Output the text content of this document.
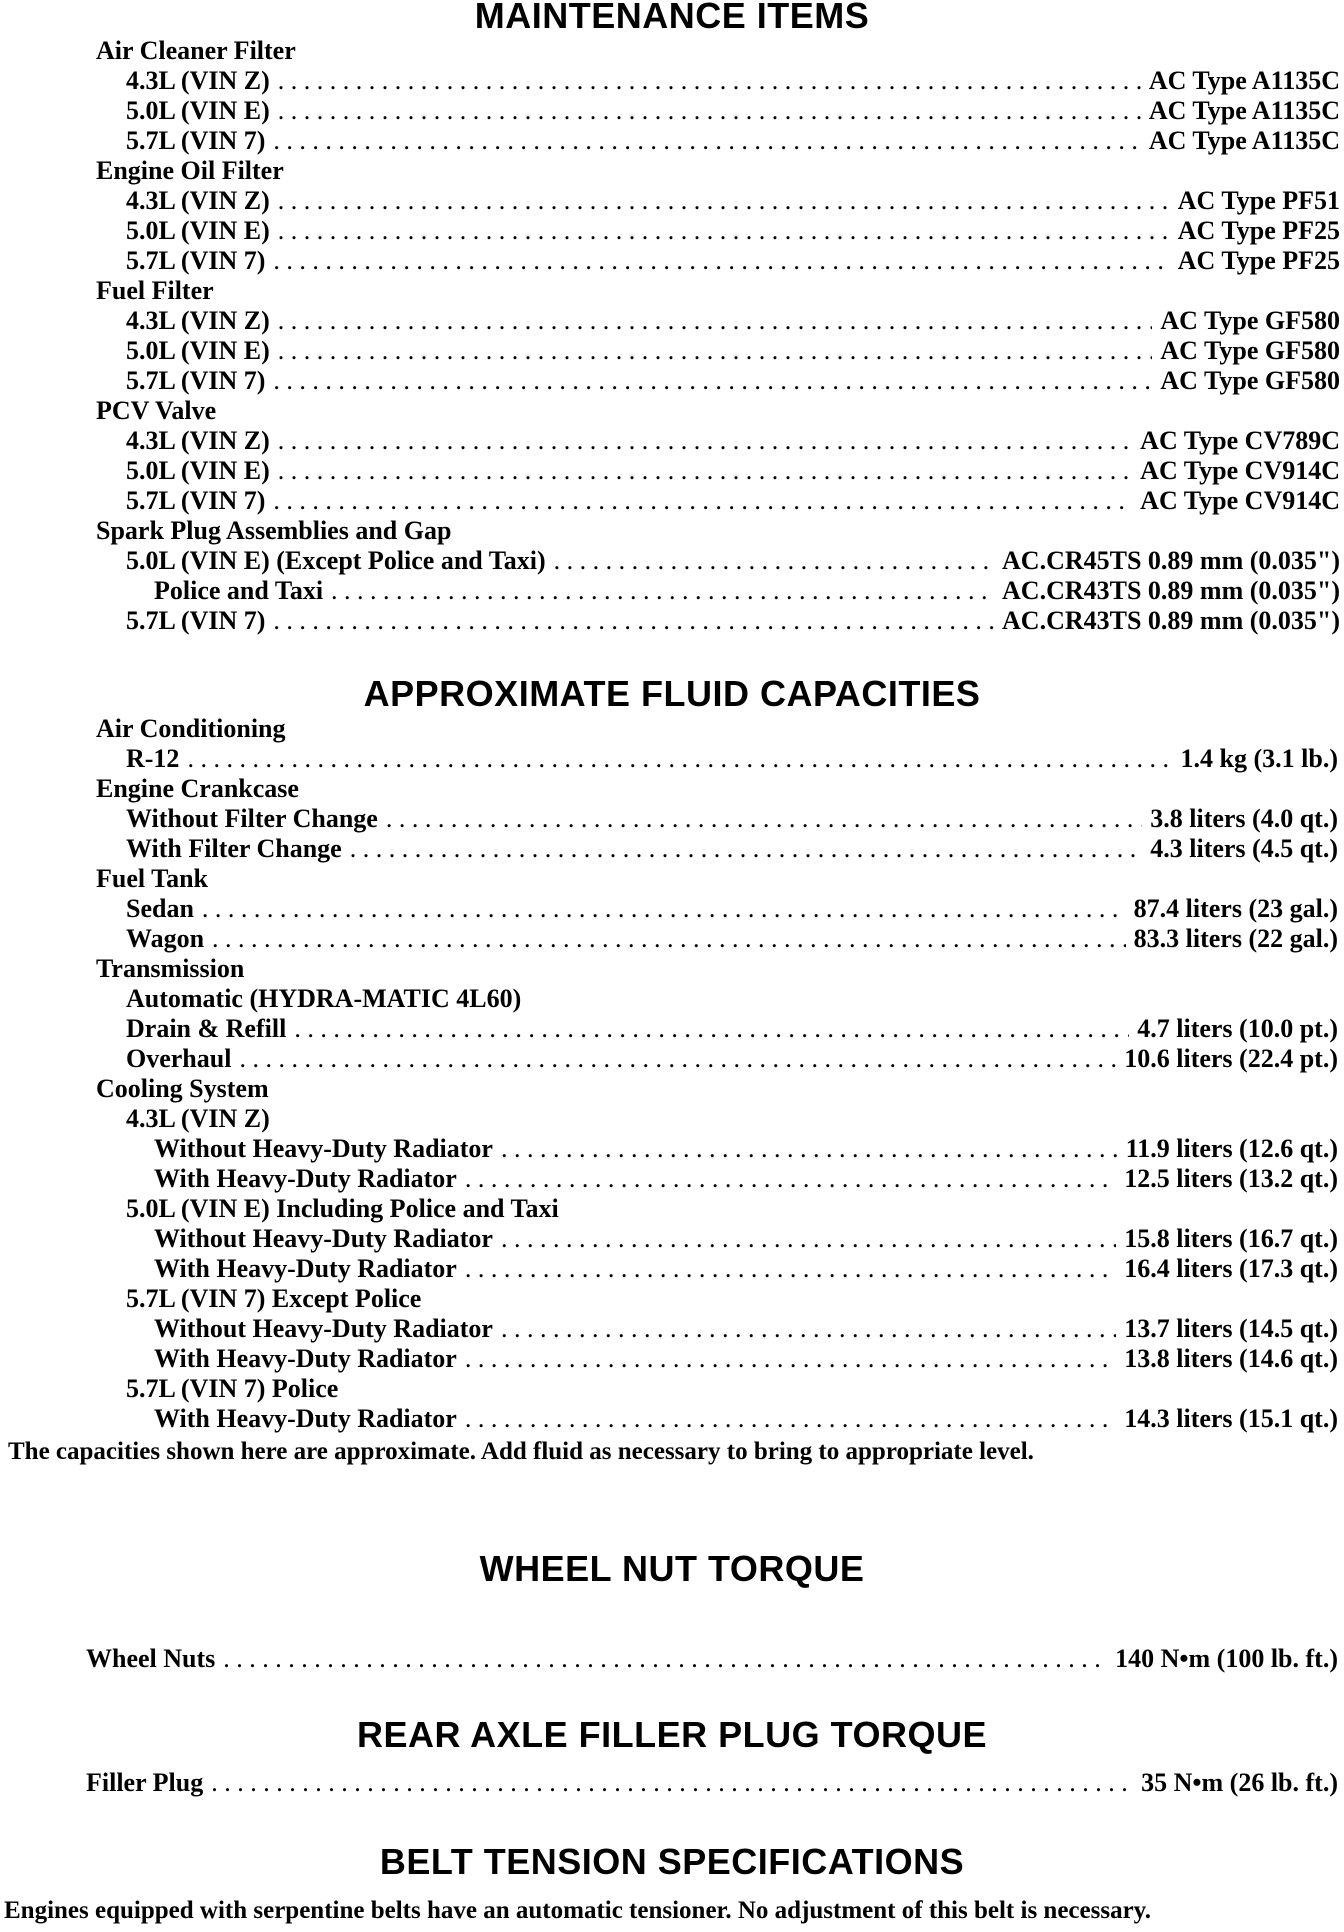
MAINTENANCE ITEMS
Air Cleaner Filter
4.3L (VIN Z) . . .	AC Type A1135C
5.0L (VIN E) . . .	AC Type A1135C
5.7L (VIN 7) . . .	AC Type A1135C
Engine Oil Filter
4.3L (VIN Z) . . .	AC Type PF51
5.0L (VIN E) . . .	AC Type PF25
5.7L (VIN 7) . . .	AC Type PF25
Fuel Filter
4.3L (VIN Z) . . .	AC Type GF580
5.0L (VIN E) . . .	AC Type GF580
5.7L (VIN 7) . . .	AC Type GF580
PCV Valve
4.3L (VIN Z) . . .	AC Type CV789C
5.0L (VIN E) . . .	AC Type CV914C
5.7L (VIN 7) . . .	AC Type CV914C
Spark Plug Assemblies and Gap
5.0L (VIN E) (Except Police and Taxi) . . .	AC.CR45TS 0.89 mm (0.035")
Police and Taxi . . .	AC.CR43TS 0.89 mm (0.035")
5.7L (VIN 7) . . .	AC.CR43TS 0.89 mm (0.035")
APPROXIMATE FLUID CAPACITIES
Air Conditioning
R-12 . . .	1.4 kg (3.1 lb.)
Engine Crankcase
Without Filter Change . . .	3.8 liters (4.0 qt.)
With Filter Change . . .	4.3 liters (4.5 qt.)
Fuel Tank
Sedan . . .	87.4 liters (23 gal.)
Wagon . . .	83.3 liters (22 gal.)
Transmission
Automatic (HYDRA-MATIC 4L60)
Drain & Refill . . .	4.7 liters (10.0 pt.)
Overhaul . . .	10.6 liters (22.4 pt.)
Cooling System
4.3L (VIN Z)
Without Heavy-Duty Radiator . . .	11.9 liters (12.6 qt.)
With Heavy-Duty Radiator . . .	12.5 liters (13.2 qt.)
5.0L (VIN E) Including Police and Taxi
Without Heavy-Duty Radiator . . .	15.8 liters (16.7 qt.)
With Heavy-Duty Radiator . . .	16.4 liters (17.3 qt.)
5.7L (VIN 7) Except Police
Without Heavy-Duty Radiator . . .	13.7 liters (14.5 qt.)
With Heavy-Duty Radiator . . .	13.8 liters (14.6 qt.)
5.7L (VIN 7) Police
With Heavy-Duty Radiator . . .	14.3 liters (15.1 qt.)
The capacities shown here are approximate. Add fluid as necessary to bring to appropriate level.
WHEEL NUT TORQUE
Wheel Nuts . . .	140 N•m (100 lb. ft.)
REAR AXLE FILLER PLUG TORQUE
Filler Plug . . .	35 N•m (26 lb. ft.)
BELT TENSION SPECIFICATIONS
Engines equipped with serpentine belts have an automatic tensioner. No adjustment of this belt is necessary.
